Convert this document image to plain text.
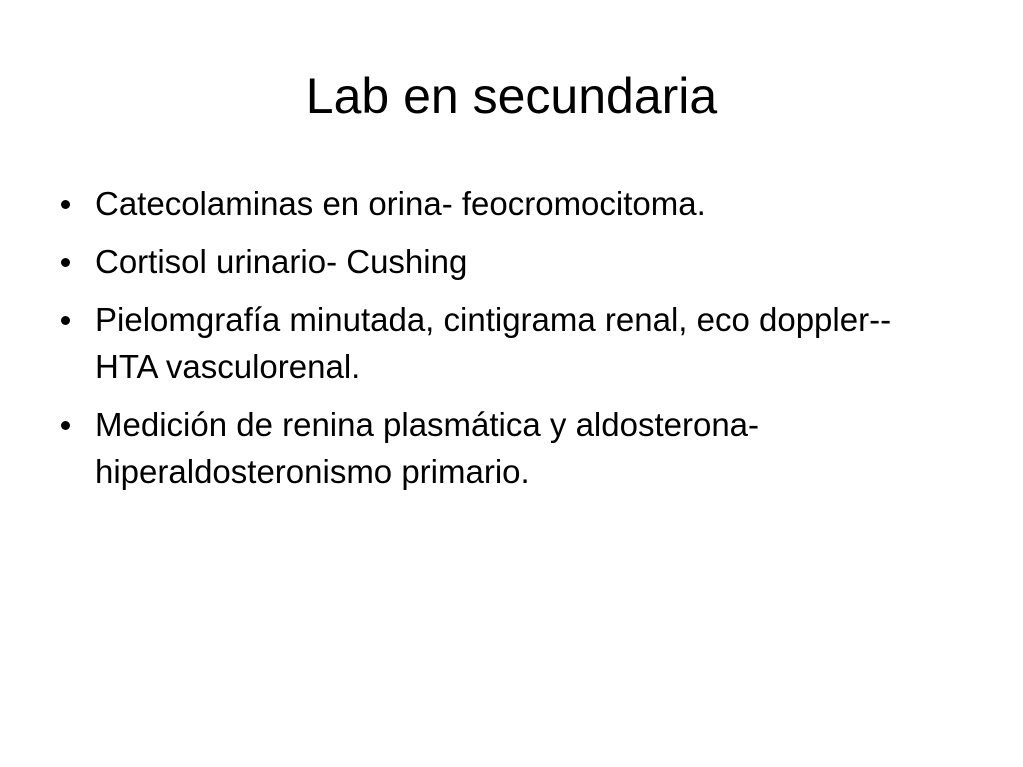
Lab en secundaria
Catecolaminas en orina- feocromocitoma.
Cortisol urinario- Cushing
Pielomgrafía minutada, cintigrama renal, eco doppler-- HTA vasculorenal.
Medición de renina plasmática y aldosterona- hiperaldosteronismo primario.
